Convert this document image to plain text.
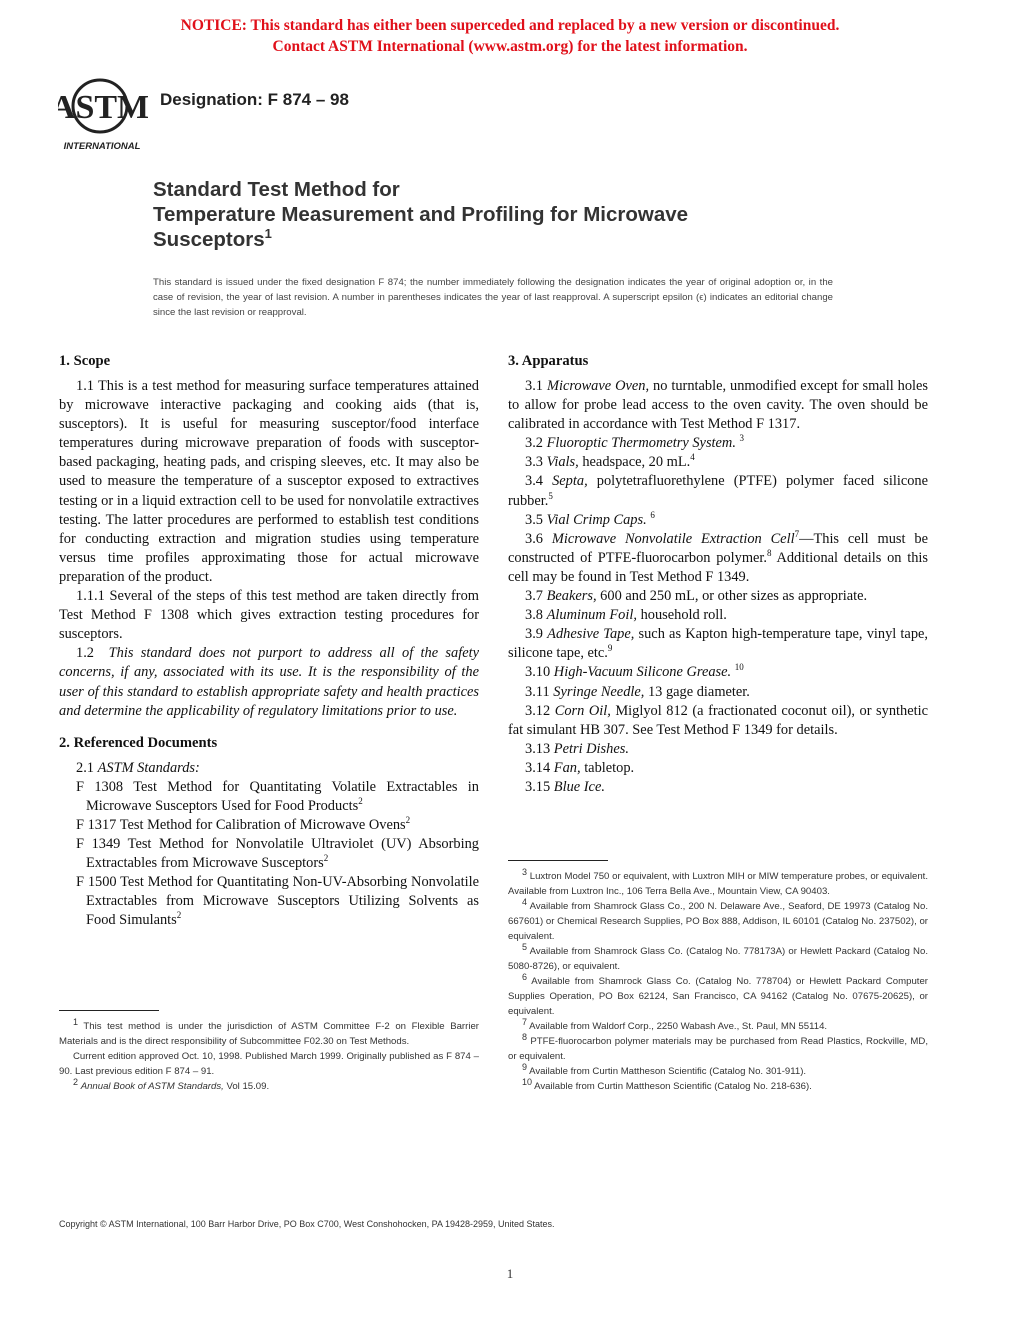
NOTICE: This standard has either been superceded and replaced by a new version or discontinued.
Contact ASTM International (www.astm.org) for the latest information.
ASTM
INTERNATIONAL
Designation: F 874 – 98
Standard Test Method for
Temperature Measurement and Profiling for Microwave
Susceptors$^1$
This standard is issued under the fixed designation F 874; the number immediately following the designation indicates the year of original adoption or, in the case of revision, the year of last revision. A number in parentheses indicates the year of last reapproval. A superscript epsilon (ϵ) indicates an editorial change since the last revision or reapproval.
1. Scope

1.1 This is a test method for measuring surface temperatures attained by microwave interactive packaging and cooking aids (that is, susceptors). It is useful for measuring susceptor/food interface temperatures during microwave preparation of foods with susceptor-based packaging, heating pads, and crisping sleeves, etc. It may also be used to measure the temperature of a susceptor exposed to extractives testing or in a liquid extraction cell to be used for nonvolatile extractives testing. The latter procedures are performed to establish test conditions for conducting extraction and migration studies using temperature versus time profiles approximating those for actual microwave preparation of the product.

1.1.1 Several of the steps of this test method are taken directly from Test Method F 1308 which gives extraction testing procedures for susceptors.

1.2 This standard does not purport to address all of the safety concerns, if any, associated with its use. It is the responsibility of the user of this standard to establish appropriate safety and health practices and determine the applicability of regulatory limitations prior to use.

2. Referenced Documents

2.1 ASTM Standards:

F 1308 Test Method for Quantitating Volatile Extractables in Microwave Susceptors Used for Food Products$^2$

F 1317 Test Method for Calibration of Microwave Ovens$^2$

F 1349 Test Method for Nonvolatile Ultraviolet (UV) Absorbing Extractables from Microwave Susceptors$^2$

F 1500 Test Method for Quantitating Non-UV-Absorbing Nonvolatile Extractables from Microwave Susceptors Utilizing Solvents as Food Simulants$^2$

$^1$ This test method is under the jurisdiction of ASTM Committee F-2 on Flexible Barrier Materials and is the direct responsibility of Subcommittee F02.30 on Test Methods.

Current edition approved Oct. 10, 1998. Published March 1999. Originally published as F 874 – 90. Last previous edition F 874 – 91.

$^2$ Annual Book of ASTM Standards, Vol 15.09.

3. Apparatus

3.1 Microwave Oven, no turntable, unmodified except for small holes to allow for probe lead access to the oven cavity. The oven should be calibrated in accordance with Test Method F 1317.

3.2 Fluoroptic Thermometry System. $^3$

3.3 Vials, headspace, 20 mL.$^4$

3.4 Septa, polytetrafluorethylene (PTFE) polymer faced silicone rubber.$^5$

3.5 Vial Crimp Caps. $^6$

3.6 Microwave Nonvolatile Extraction Cell$^7$—This cell must be constructed of PTFE-fluorocarbon polymer.$^8$ Additional details on this cell may be found in Test Method F 1349.

3.7 Beakers, 600 and 250 mL, or other sizes as appropriate.

3.8 Aluminum Foil, household roll.

3.9 Adhesive Tape, such as Kapton high-temperature tape, vinyl tape, silicone tape, etc.$^9$

3.10 High-Vacuum Silicone Grease. $^{10}$

3.11 Syringe Needle, 13 gage diameter.

3.12 Corn Oil, Miglyol 812 (a fractionated coconut oil), or synthetic fat simulant HB 307. See Test Method F 1349 for details.

3.13 Petri Dishes.

3.14 Fan, tabletop.

3.15 Blue Ice.

$^3$ Luxtron Model 750 or equivalent, with Luxtron MIH or MIW temperature probes, or equivalent. Available from Luxtron Inc., 106 Terra Bella Ave., Mountain View, CA 90403.

$^4$ Available from Shamrock Glass Co., 200 N. Delaware Ave., Seaford, DE 19973 (Catalog No. 667601) or Chemical Research Supplies, PO Box 888, Addison, IL 60101 (Catalog No. 237502), or equivalent.

$^5$ Available from Shamrock Glass Co. (Catalog No. 778173A) or Hewlett Packard (Catalog No. 5080-8726), or equivalent.

$^6$ Available from Shamrock Glass Co. (Catalog No. 778704) or Hewlett Packard Computer Supplies Operation, PO Box 62124, San Francisco, CA 94162 (Catalog No. 07675-20625), or equivalent.

$^7$ Available from Waldorf Corp., 2250 Wabash Ave., St. Paul, MN 55114.

$^8$ PTFE-fluorocarbon polymer materials may be purchased from Read Plastics, Rockville, MD, or equivalent.

$^9$ Available from Curtin Mattheson Scientific (Catalog No. 301-911).

$^{10}$ Available from Curtin Mattheson Scientific (Catalog No. 218-636).

Copyright © ASTM International, 100 Barr Harbor Drive, PO Box C700, West Conshohocken, PA 19428-2959, United States.
1
